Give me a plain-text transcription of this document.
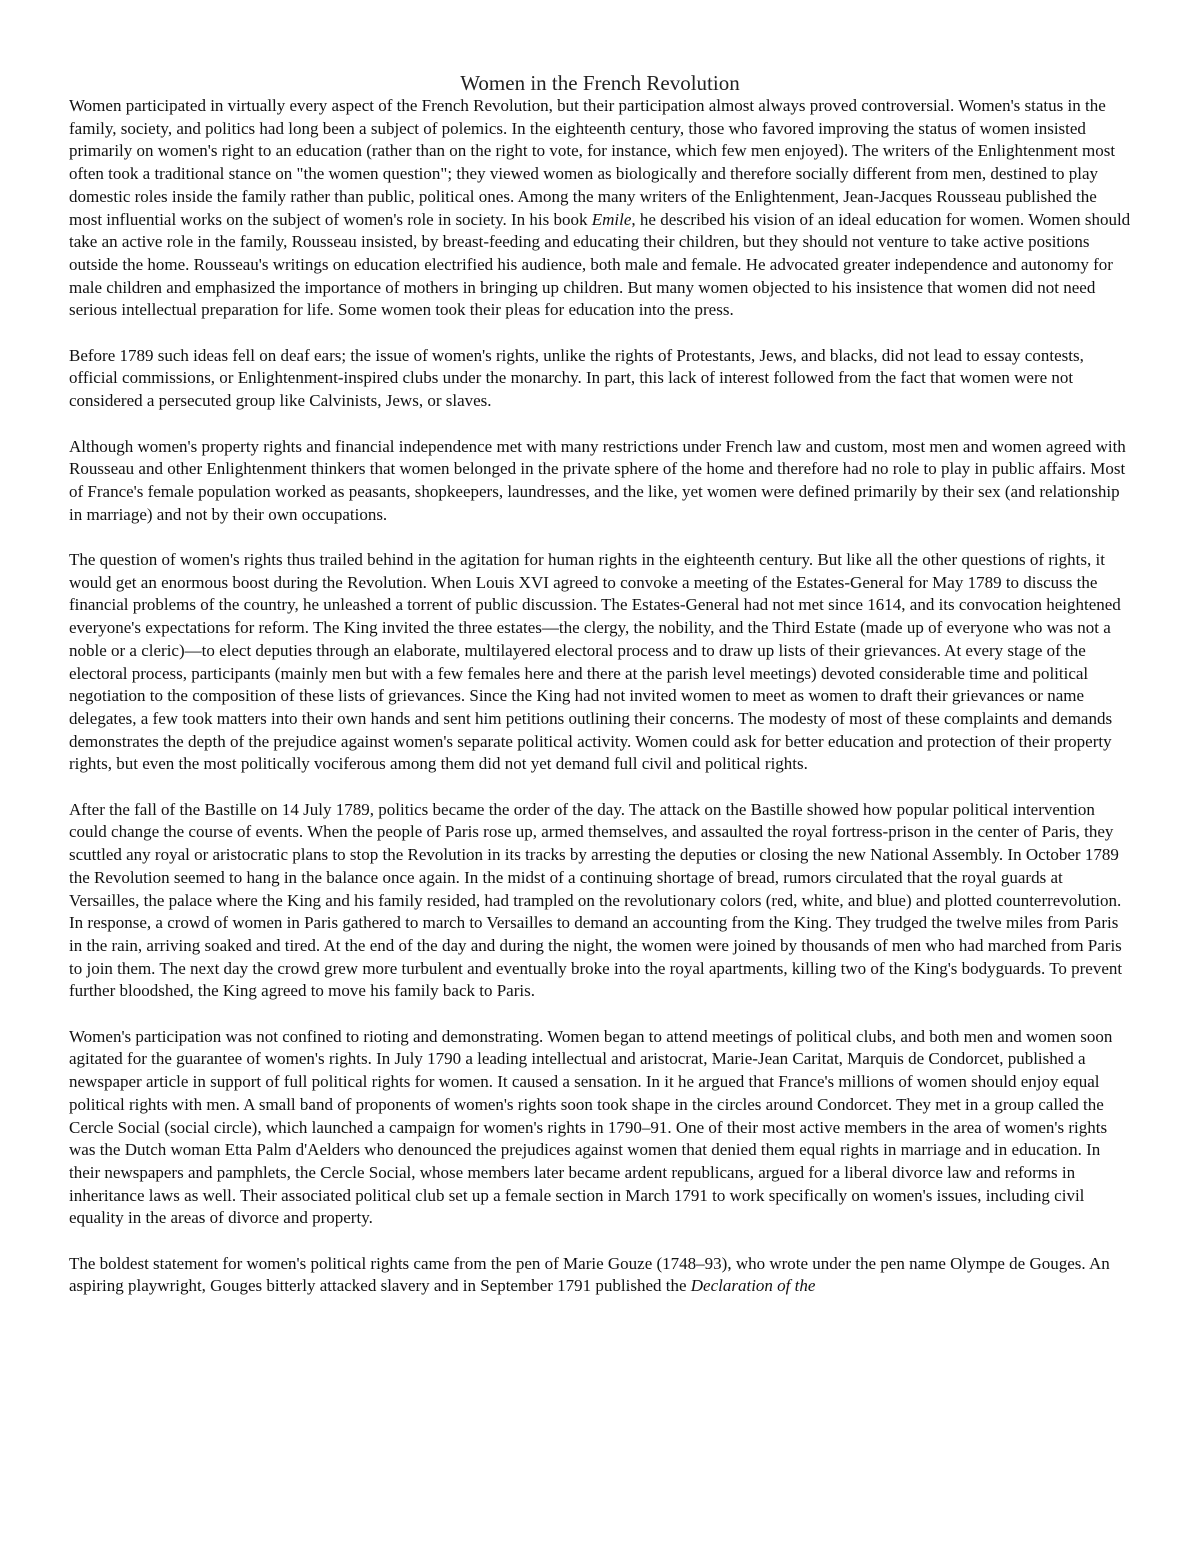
Women in the French Revolution

Women participated in virtually every aspect of the French Revolution, but their participation almost always proved controversial. Women's status in the family, society, and politics had long been a subject of polemics. In the eighteenth century, those who favored improving the status of women insisted primarily on women's right to an education (rather than on the right to vote, for instance, which few men enjoyed). The writers of the Enlightenment most often took a traditional stance on "the women question"; they viewed women as biologically and therefore socially different from men, destined to play domestic roles inside the family rather than public, political ones. Among the many writers of the Enlightenment, Jean-Jacques Rousseau published the most influential works on the subject of women's role in society. In his book Emile, he described his vision of an ideal education for women. Women should take an active role in the family, Rousseau insisted, by breast-feeding and educating their children, but they should not venture to take active positions outside the home. Rousseau's writings on education electrified his audience, both male and female. He advocated greater independence and autonomy for male children and emphasized the importance of mothers in bringing up children. But many women objected to his insistence that women did not need serious intellectual preparation for life. Some women took their pleas for education into the press.

Before 1789 such ideas fell on deaf ears; the issue of women's rights, unlike the rights of Protestants, Jews, and blacks, did not lead to essay contests, official commissions, or Enlightenment-inspired clubs under the monarchy. In part, this lack of interest followed from the fact that women were not considered a persecuted group like Calvinists, Jews, or slaves.

Although women's property rights and financial independence met with many restrictions under French law and custom, most men and women agreed with Rousseau and other Enlightenment thinkers that women belonged in the private sphere of the home and therefore had no role to play in public affairs. Most of France's female population worked as peasants, shopkeepers, laundresses, and the like, yet women were defined primarily by their sex (and relationship in marriage) and not by their own occupations.

The question of women's rights thus trailed behind in the agitation for human rights in the eighteenth century. But like all the other questions of rights, it would get an enormous boost during the Revolution. When Louis XVI agreed to convoke a meeting of the Estates-General for May 1789 to discuss the financial problems of the country, he unleashed a torrent of public discussion. The Estates-General had not met since 1614, and its convocation heightened everyone's expectations for reform. The King invited the three estates—the clergy, the nobility, and the Third Estate (made up of everyone who was not a noble or a cleric)—to elect deputies through an elaborate, multilayered electoral process and to draw up lists of their grievances. At every stage of the electoral process, participants (mainly men but with a few females here and there at the parish level meetings) devoted considerable time and political negotiation to the composition of these lists of grievances. Since the King had not invited women to meet as women to draft their grievances or name delegates, a few took matters into their own hands and sent him petitions outlining their concerns. The modesty of most of these complaints and demands demonstrates the depth of the prejudice against women's separate political activity. Women could ask for better education and protection of their property rights, but even the most politically vociferous among them did not yet demand full civil and political rights.

After the fall of the Bastille on 14 July 1789, politics became the order of the day. The attack on the Bastille showed how popular political intervention could change the course of events. When the people of Paris rose up, armed themselves, and assaulted the royal fortress-prison in the center of Paris, they scuttled any royal or aristocratic plans to stop the Revolution in its tracks by arresting the deputies or closing the new National Assembly. In October 1789 the Revolution seemed to hang in the balance once again. In the midst of a continuing shortage of bread, rumors circulated that the royal guards at Versailles, the palace where the King and his family resided, had trampled on the revolutionary colors (red, white, and blue) and plotted counterrevolution. In response, a crowd of women in Paris gathered to march to Versailles to demand an accounting from the King. They trudged the twelve miles from Paris in the rain, arriving soaked and tired. At the end of the day and during the night, the women were joined by thousands of men who had marched from Paris to join them. The next day the crowd grew more turbulent and eventually broke into the royal apartments, killing two of the King's bodyguards. To prevent further bloodshed, the King agreed to move his family back to Paris.

Women's participation was not confined to rioting and demonstrating. Women began to attend meetings of political clubs, and both men and women soon agitated for the guarantee of women's rights. In July 1790 a leading intellectual and aristocrat, Marie-Jean Caritat, Marquis de Condorcet, published a newspaper article in support of full political rights for women. It caused a sensation. In it he argued that France's millions of women should enjoy equal political rights with men. A small band of proponents of women's rights soon took shape in the circles around Condorcet. They met in a group called the Cercle Social (social circle), which launched a campaign for women's rights in 1790–91. One of their most active members in the area of women's rights was the Dutch woman Etta Palm d'Aelders who denounced the prejudices against women that denied them equal rights in marriage and in education. In their newspapers and pamphlets, the Cercle Social, whose members later became ardent republicans, argued for a liberal divorce law and reforms in inheritance laws as well. Their associated political club set up a female section in March 1791 to work specifically on women's issues, including civil equality in the areas of divorce and property.

The boldest statement for women's political rights came from the pen of Marie Gouze (1748–93), who wrote under the pen name Olympe de Gouges. An aspiring playwright, Gouges bitterly attacked slavery and in September 1791 published the Declaration of the
